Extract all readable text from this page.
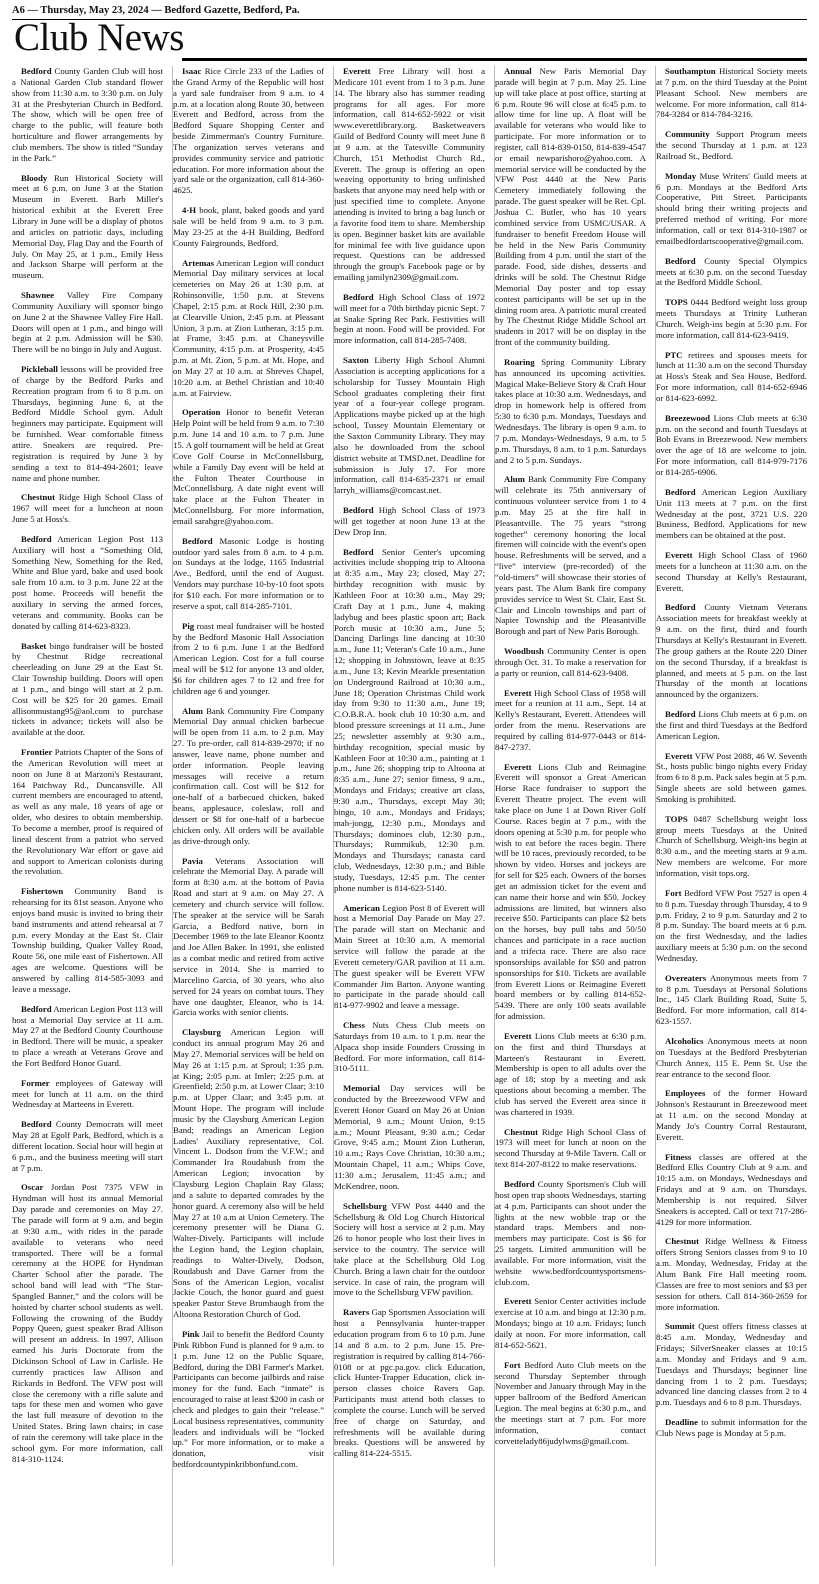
A6 — Thursday, May 23, 2024 — Bedford Gazette, Bedford, Pa.
Club News

Bedford County Garden Club will host a National Garden Club standard flower show from 11:30 a.m. to 3:30 p.m. on July 31 at the Presbyterian Church in Bedford. The show, which will be open free of charge to the public, will feature both horticulture and flower arrangements by club members. The show is titled “Sunday in the Park.”

Bloody Run Historical Society will meet at 6 p.m. on June 3 at the Station Museum in Everett. Barb Miller's historical exhibit at the Everett Free Library in June will be a display of photos and articles on patriotic days, including Memorial Day, Flag Day and the Fourth of July. On May 25, at 1 p.m., Emily Hess and Jackson Sharpe will perform at the museum.

Shawnee Valley Fire Company Community Auxiliary will sponsor bingo on June 2 at the Shawnee Valley Fire Hall. Doors will open at 1 p.m., and bingo will begin at 2 p.m. Admission will be $30. There will be no bingo in July and August.

Pickleball lessons will be provided free of charge by the Bedford Parks and Recreation program from 6 to 8 p.m. on Thursdays, beginning June 6, at the Bedford Middle School gym. Adult beginners may participate. Equipment will be furnished. Wear comfortable fitness attire. Sneakers are required. Pre-registration is required by June 3 by sending a text to 814-494-2601; leave name and phone number.

Chestnut Ridge High School Class of 1967 will meet for a luncheon at noon June 5 at Hoss's.

Bedford American Legion Post 113 Auxiliary will host a “Something Old, Something New, Something for the Red, White and Blue yard, bake and used book sale from 10 a.m. to 3 p.m. June 22 at the post home. Proceeds will benefit the auxiliary in serving the armed forces, veterans and community. Books can be donated by calling 814-623-8323.

Basket bingo fundraiser will be hosted by Chestnut Ridge recreational cheerleading on June 29 at the East St. Clair Township building. Doors will open at 1 p.m., and bingo will start at 2 p.m. Cost will be $25 for 20 games. Email allisonmustang95@aol.com to purchase tickets in advance; tickets will also be available at the door.

Frontier Patriots Chapter of the Sons of the American Revolution will meet at noon on June 8 at Marzoni's Restaurant, 164 Patchway Rd., Duncansville. All current members are encouraged to attend, as well as any male, 18 years of age or older, who desires to obtain membership. To become a member, proof is required of lineal descent from a patriot who served the Revolutionary War effort or gave aid and support to American colonists during the revolution.

Fishertown Community Band is rehearsing for its 81st season. Anyone who enjoys band music is invited to bring their band instruments and attend rehearsal at 7 p.m. every Monday at the East St. Clair Township building, Quaker Valley Road, Route 56, one mile east of Fishertown. All ages are welcome. Questions will be answered by calling 814-585-3093 and leave a message.

Bedford American Legion Post 113 will host a Memorial Day service at 11 a.m. May 27 at the Bedford County Courthouse in Bedford. There will be music, a speaker to place a wreath at Veterans Grove and the Fort Bedford Honor Guard.

Former employees of Gateway will meet for lunch at 11 a.m. on the third Wednesday at Marteens in Everett.

Bedford County Democrats will meet May 28 at Egolf Park, Bedford, which is a different location. Social hour will begin at 6 p.m., and the business meeting will start at 7 p.m.

Oscar Jordan Post 7375 VFW in Hyndman will host its annual Memorial Day parade and ceremonies on May 27. The parade will form at 9 a.m. and begin at 9:30 a.m., with rides in the parade available to veterans who need transported. There will be a formal ceremony at the HOPE for Hyndman Charter School after the parade. The school band will lead with “The Star-Spangled Banner,” and the colors will be hoisted by charter school students as well. Following the crowning of the Buddy Poppy Queen, guest speaker Brad Allison will present an address. In 1997, Allison earned his Juris Doctorate from the Dickinson School of Law in Carlisle. He currently practices law Allison and Rickards in Bedford. The VFW post will close the ceremony with a rifle salute and taps for these men and women who gave the last full measure of devotion to the United States. Bring lawn chairs; in case of rain the ceremony will take place in the school gym. For more information, call 814-310-1124.

Isaac Rice Circle 233 of the Ladies of the Grand Army of the Republic will host a yard sale fundraiser from 9 a.m. to 4 p.m. at a location along Route 30, between Everett and Bedford, across from the Bedford Square Shopping Center and beside Zimmerman's Country Furniture. The organization serves veterans and provides community service and patriotic education. For more information about the yard sale or the organization, call 814-360-4625.

4-H book, plant, baked goods and yard sale will be held from 9 a.m. to 3 p.m. May 23-25 at the 4-H Building, Bedford County Fairgrounds, Bedford.

Artemas American Legion will conduct Memorial Day military services at local cemeteries on May 26 at 1:30 p.m. at Robinsonville, 1:50 p.m. at Stevens Chapel, 2:15 p.m. at Rock Hill, 2:30 p.m. at Clearville Union, 2:45 p.m. at Pleasant Union, 3 p.m. at Zion Lutheran, 3:15 p.m. at Frame, 3:45 p.m. at Chaneysville Community, 4:15 p.m. at Prosperity, 4:45 p.m. at Mt. Zion, 5 p.m. at Mt. Hope, and on May 27 at 10 a.m. at Shreves Chapel, 10:20 a.m. at Bethel Christian and 10:40 a.m. at Fairview.

Operation Honor to benefit Veteran Help Point will be held from 9 a.m. to 7:30 p.m. June 14 and 10 a.m. to 7 p.m. June 15. A golf tournament will be held at Great Cove Golf Course in McConnellsburg, while a Family Day event will be held at the Fulton Theater Courthouse in McConnellsburg. A date night event will take place at the Fulton Theater in McConnellsburg. For more information, email sarahgre@yahoo.com.

Bedford Masonic Lodge is hosting outdoor yard sales from 8 a.m. to 4 p.m. on Sundays at the lodge, 1165 Industrial Ave., Bedford, until the end of August. Vendors may purchase 10-by-10 foot spots for $10 each. For more information or to reserve a spot, call 814-285-7101.

Pig roast meal fundraiser will be hosted by the Bedford Masonic Hall Association from 2 to 6 p.m. June 1 at the Bedford American Legion. Cost for a full course meal will be $12 for anyone 13 and older, $6 for children ages 7 to 12 and free for children age 6 and younger.

Alum Bank Community Fire Company Memorial Day annual chicken barbecue will be open from 11 a.m. to 2 p.m. May 27. To pre-order, call 814-839-2970; if no answer, leave name, phone number and order information. People leaving messages will receive a return confirmation call. Cost will be $12 for one-half of a barbecued chicken, baked beans, applesauce, coleslaw, roll and dessert or $8 for one-half of a barbecue chicken only. All orders will be available as drive-through only.

Pavia Veterans Association will celebrate the Memorial Day. A parade will form at 8:30 a.m. at the bottom of Pavia Road and start at 9 a.m. on May 27. A cemetery and church service will follow. The speaker at the service will be Sarah Garcia, a Bedford native, born in December 1969 to the late Eleanor Koontz and Joe Allen Baker. In 1991, she enlisted as a combat medic and retired from active service in 2014. She is married to Marcelino Garcia, of 30 years, who also served for 24 years on combat tours. They have one daughter, Eleanor, who is 14. Garcia works with senior clients.

Claysburg American Legion will conduct its annual program May 26 and May 27. Memorial services will be held on May 26 at 1:15 p.m. at Sproul; 1:35 p.m. at King; 2:05 p.m. at Imler; 2:25 p.m. at Greenfield; 2:50 p.m. at Lower Claar; 3:10 p.m. at Upper Claar; and 3:45 p.m. at Mount Hope. The program will include music by the Claysburg American Legion Band; readings an American Legion Ladies' Auxiliary representative, Col. Vincent L. Dodson from the V.F.W.; and Commander Ira Roudabush from the American Legion; invocation by Claysburg Legion Chaplain Ray Glass; and a salute to departed comrades by the honor guard. A ceremony also will be held May 27 at 10 a.m at Union Cemetery. The ceremony presenter will be Diana G. Walter-Dively. Participants will include the Legion band, the Legion chaplain, readings to Walter-Dively, Dodson, Roudabush and Dave Garner from the Sons of the American Legion, vocalist Jackie Couch, the honor guard and guest speaker Pastor Steve Brumbaugh from the Altoona Restoration Church of God.

Pink Jail to benefit the Bedford County Pink Ribbon Fund is planned for 9 a.m. to 1 p.m. June 12 on the Public Square, Bedford, during the DBI Farmer's Market. Participants can become jailbirds and raise money for the fund. Each “inmate” is encouraged to raise at least $200 in cash or check and pledges to gain their “release.” Local business representatives, community leaders and individuals will be “locked up.” For more information, or to make a donation, visit bedfordcountypinkribbonfund.com.

Everett Free Library will host a Medicare 101 event from 1 to 3 p.m. June 14. The library also has summer reading programs for all ages. For more information, call 814-652-5922 or visit www.everettlibrary.org. Basketweavers Guild of Bedford County will meet June 8 at 9 a.m. at the Tatesville Community Church, 151 Methodist Church Rd., Everett. The group is offering an open weaving opportunity to bring unfinished baskets that anyone may need help with or just specified time to complete. Anyone attending is invited to bring a bag lunch or a favorite food item to share. Membership is open. Beginner basket kits are available for minimal fee with live guidance upon request. Questions can be addressed through the group's Facebook page or by emailing jamilyn2309@gmail.com.

Bedford High School Class of 1972 will meet for a 70th birthday picnic Sept. 7 at Snake Spring Rec Park. Festivities will begin at noon. Food will be provided. For more information, call 814-285-7408.

Saxton Liberty High School Alumni Association is accepting applications for a scholarship for Tussey Mountain High School graduates completing their first year of a four-year college program. Applications maybe picked up at the high school, Tussey Mountain Elementary or the Saxton Community Library. They may also be downloaded from the school district website at TMSD.net. Deadline for submission is July 17. For more information, call 814-635-2371 or email larryh_williams@comcast.net.

Bedford High School Class of 1973 will get together at noon June 13 at the Dew Drop Inn.

Bedford Senior Center's upcoming activities include shopping trip to Altoona at 8:35 a.m., May 23; closed, May 27; birthday recognition with music by Kathleen Foor at 10:30 a.m., May 29; Craft Day at 1 p.m., June 4, making ladybug and bees plastic spoon art; Back Porch music at 10:30 a.m., June 5; Dancing Darlings line dancing at 10:30 a.m., June 11; Veteran's Cafe 10 a.m., June 12; shopping in Johnstown, leave at 8:35 a.m., June 13; Kevin Mearkle presentation on Underground Railroad at 10:30 a.m., June 18; Operation Christmas Child work day from 9:30 to 11:30 a.m., June 19; C.O.B.R.A. book club 10 10:30 a.m. and blood pressure screenings at 11 a.m., June 25; newsletter assembly at 9:30 a.m., birthday recognition, special music by Kathleen Foor at 10:30 a.m., painting at 1 p.m., June 26; shopping trip to Altoona at 8:35 a.m., June 27; senior fitness, 9 a.m., Mondays and Fridays; creative art class, 9:30 a.m., Thursdays, except May 30; bingo, 10 a.m., Mondays and Fridays; mah-jongg, 12:30 p.m., Mondays and Thursdays; dominoes club, 12:30 p.m., Thursdays; Rummikub, 12:30 p.m. Mondays and Thursdays; canasta card club, Wednesdays, 12:30 p.m.; and Bible study, Tuesdays, 12:45 p.m. The center phone number is 814-623-5140.

American Legion Post 8 of Everett will host a Memorial Day Parade on May 27. The parade will start on Mechanic and Main Street at 10:30 a.m. A memorial service will follow the parade at the Everett cemetery/GAR pavilion at 11 a.m. The guest speaker will be Everett VFW Commander Jim Barton. Anyone wanting to participate in the parade should call 814-977-9902 and leave a message.

Chess Nuts Chess Club meets on Saturdays from 10 a.m. to 1 p.m. near the Alpaca shop inside Founders Crossing in Bedford. For more information, call 814-310-5111.

Memorial Day services will be conducted by the Breezewood VFW and Everett Honor Guard on May 26 at Union Memorial, 9 a.m.; Mount Union, 9:15 a.m.; Mount Pleasant, 9:30 a.m.; Cedar Grove, 9:45 a.m.; Mount Zion Lutheran, 10 a.m.; Rays Cove Christian, 10:30 a.m.; Mountain Chapel, 11 a.m.; Whips Cove, 11:30 a.m.; Jerusalem, 11:45 a.m.; and McKendree, noon.

Schellsburg VFW Post 4440 and the Schellsburg & Old Log Church Historical Society will host a service at 2 p.m. May 26 to honor people who lost their lives in service to the country. The service will take place at the Schellsburg Old Log Church. Bring a lawn chair for the outdoor service. In case of rain, the program will move to the Schellsburg VFW pavilion.

Ravers Gap Sportsmen Association will host a Pennsylvania hunter-trapper education program from 6 to 10 p.m. June 14 and 8 a.m. to 2 p.m. June 15. Pre-registration is required by calling 814-766-0108 or at pgc.pa.gov. click Education, click Hunter-Trapper Education, click in-person classes choice Ravers Gap. Participants must attend both classes to complete the course. Lunch will be served free of charge on Saturday, and refreshments will be available during breaks. Questions will be answered by calling 814-224-5515.

Annual New Paris Memorial Day parade will begin at 7 p.m. May 25. Line up will take place at post office, starting at 6 p.m. Route 96 will close at 6:45 p.m. to allow time for line up. A float will be available for veterans who would like to participate. For more information or to register, call 814-839-0150, 814-839-4547 or email newparishoro@yahoo.com. A memorial service will be conducted by the VFW Post 4440 at the New Paris Cemetery immediately following the parade. The guest speaker will be Ret. Cpl. Joshua C. Butler, who has 10 years combined service from USMC/USAR. A fundraiser to benefit Freedom House will be held in the New Paris Community Building from 4 p.m. until the start of the parade. Food, side dishes, desserts and drinks will be sold. The Chestnut Ridge Memorial Day poster and top essay contest participants will be set up in the dining room area. A patriotic mural created by The Chestnut Ridge Middle School art students in 2017 will be on display in the front of the community building.

Roaring Spring Community Library has announced its upcoming activities. Magical Make-Believe Story & Craft Hour takes place at 10:30 a.m. Wednesdays, and drop in homework help is offered from 5:30 to 6:30 p.m. Mondays, Tuesdays and Wednesdays. The library is open 9 a.m. to 7 p.m. Mondays-Wednesdays, 9 a.m. to 5 p.m. Thursdays, 8 a.m. to 1 p.m. Saturdays and 2 to 5 p.m. Sundays.

Alum Bank Community Fire Company will celebrate its 75th anniversary of continuous volunteer service from 1 to 4 p.m. May 25 at the fire hall in Pleasantville. The 75 years “strong together” ceremony honoring the local firemen will coincide with the event's open house. Refreshments will be served, and a “live” interview (pre-recorded) of the “old-timers” will showcase their stories of years past. The Alum Bank fire company provides service to West St. Clair, East St. Clair and Lincoln townships and part of Napier Township and the Pleasantville Borough and part of New Paris Borough.

Woodbush Community Center is open through Oct. 31. To make a reservation for a party or reunion, call 814-623-9408.

Everett High School Class of 1958 will meet for a reunion at 11 a.m., Sept. 14 at Kelly's Restaurant, Everett. Attendees will order from the menu. Reservations are required by calling 814-977-0443 or 814-847-2737.

Everett Lions Club and Reimagine Everett will sponsor a Great American Horse Race fundraiser to support the Everett Theatre project. The event will take place on June 1 at Down River Golf Course. Races begin at 7 p.m., with the doors opening at 5:30 p.m. for people who wish to eat before the races begin. There will be 10 races, previously recorded, to be shown by video. Horses and jockeys are for sell for $25 each. Owners of the horses get an admission ticket for the event and can name their horse and win $50. Jockey admissions are limited, but winners also receive $50. Participants can place $2 bets on the horses, buy pull tabs and 50/50 chances and participate in a race auction and a trifecta race. There are also race sponsorships available for $50 and patron sponsorships for $10. Tickets are available from Everett Lions or Reimagine Everett board members or by calling 814-652-5439. There are only 100 seats available for admission.

Everett Lions Club meets at 6:30 p.m. on the first and third Thursdays at Marteen's Restaurant in Everett. Membership is open to all adults over the age of 18; stop by a meeting and ask questions about becoming a member. The club has served the Everett area since it was chartered in 1939.

Chestnut Ridge High School Class of 1973 will meet for lunch at noon on the second Thursday at 9-Mile Tavern. Call or text 814-207-8122 to make reservations.

Bedford County Sportsmen's Club will host open trap shoots Wednesdays, starting at 4 p.m. Participants can shoot under the lights at the new wobble trap or the standard traps. Members and non-members may participate. Cost is $6 for 25 targets. Limited ammunition will be available. For more information, visit the website www.bedfordcountysportsmens-club.com.

Everett Senior Center activities include exercise at 10 a.m. and bingo at 12:30 p.m. Mondays; bingo at 10 a.m. Fridays; lunch daily at noon. For more information, call 814-652-5621.

Fort Bedford Auto Club meets on the second Thursday September through November and January through May in the upper ballroom of the Bedford American Legion. The meal begins at 6:30 p.m., and the meetings start at 7 p.m. For more information, contact corvettelady86judylwms@gmail.com.

Southampton Historical Society meets at 7 p.m. on the third Tuesday at the Point Pleasant School. New members are welcome. For more information, call 814-784-3284 or 814-784-3216.

Community Support Program meets the second Thursday at 1 p.m. at 123 Railroad St., Bedford.

Monday Muse Writers' Guild meets at 6 p.m. Mondays at the Bedford Arts Cooperative, Pitt Street. Participants should bring their writing projects and preferred method of writing. For more information, call or text 814-310-1987 or emailbedfordartscooperative@gmail.com.

Bedford County Special Olympics meets at 6:30 p.m. on the second Tuesday at the Bedford Middle School.

TOPS 0444 Bedford weight loss group meets Thursdays at Trinity Lutheran Church. Weigh-ins begin at 5:30 p.m. For more information, call 814-623-9419.

PTC retirees and spouses meets for lunch at 11:30 a.m on the second Thursday at Hoss's Steak and Sea House, Bedford. For more information, call 814-652-6946 or 814-623-6992.

Breezewood Lions Club meets at 6:30 p.m. on the second and fourth Tuesdays at Bob Evans in Breezewood. New members over the age of 18 are welcome to join. For more information, call 814-979-7176 or 814-285-6906.

Bedford American Legion Auxiliary Unit 113 meets at 7 p.m. on the first Wednesday at the post, 3721 U.S. 220 Business, Bedford. Applications for new members can be obtained at the post.

Everett High School Class of 1960 meets for a luncheon at 11:30 a.m. on the second Thursday at Kelly's Restaurant, Everett.

Bedford County Vietnam Veterans Association meets for breakfast weekly at 9 a.m. on the first, third and fourth Thursdays at Kelly's Restaurant in Everett. The group gathers at the Route 220 Diner on the second Thursday, if a breakfast is planned, and meets at 5 p.m. on the last Thursday of the month at locations announced by the organizers.

Bedford Lions Club meets at 6 p.m. on the first and third Tuesdays at the Bedford American Legion.

Everett VFW Post 2088, 46 W. Seventh St., hosts public bingo nights every Friday from 6 to 8 p.m. Pack sales begin at 5 p.m. Single sheets are sold between games. Smoking is prohibited.

TOPS 0487 Schellsburg weight loss group meets Tuesdays at the United Church of Schellsburg. Weigh-ins begin at 8:30 a.m., and the meeting starts at 9 a.m. New members are welcome. For more information, visit tops.org.

Fort Bedford VFW Post 7527 is open 4 to 8 p.m. Tuesday through Thursday, 4 to 9 p.m. Friday, 2 to 9 p.m. Saturday and 2 to 8 p.m. Sunday. The board meets at 6 p.m. on the first Wednesday, and the ladies auxiliary meets at 5:30 p.m. on the second Wednesday.

Overeaters Anonymous meets from 7 to 8 p.m. Tuesdays at Personal Solutions Inc., 145 Clark Building Road, Suite 5, Bedford. For more information, call 814-623-1557.

Alcoholics Anonymous meets at noon on Tuesdays at the Bedford Presbyterian Church Annex, 115 E. Penn St. Use the rear entrance to the second floor.

Employees of the former Howard Johnson's Restaurant in Breezewood meet at 11 a.m. on the second Monday at Mandy Jo's Country Corral Restaurant, Everett.

Fitness classes are offered at the Bedford Elks Country Club at 9 a.m. and 10:15 a.m. on Mondays, Wednesdays and Fridays and at 9 a.m. on Thursdays. Membership is not required. Silver Sneakers is accepted. Call or text 717-286-4129 for more information.

Chestnut Ridge Wellness & Fitness offers Strong Seniors classes from 9 to 10 a.m. Monday, Wednesday, Friday at the Alum Bank Fire Hall meeting room. Classes are free to most seniors and $3 per session for others. Call 814-360-2659 for more information.

Summit Quest offers fitness classes at 8:45 a.m. Monday, Wednesday and Fridays; SilverSneaker classes at 10:15 a.m. Monday and Fridays and 9 a.m. Tuesdays and Thursdays; beginner line dancing from 1 to 2 p.m. Tuesdays; advanced line dancing classes from 2 to 4 p.m. Tuesdays and 6 to 8 p.m. Thursdays.

Deadline to submit information for the Club News page is Monday at 5 p.m.
